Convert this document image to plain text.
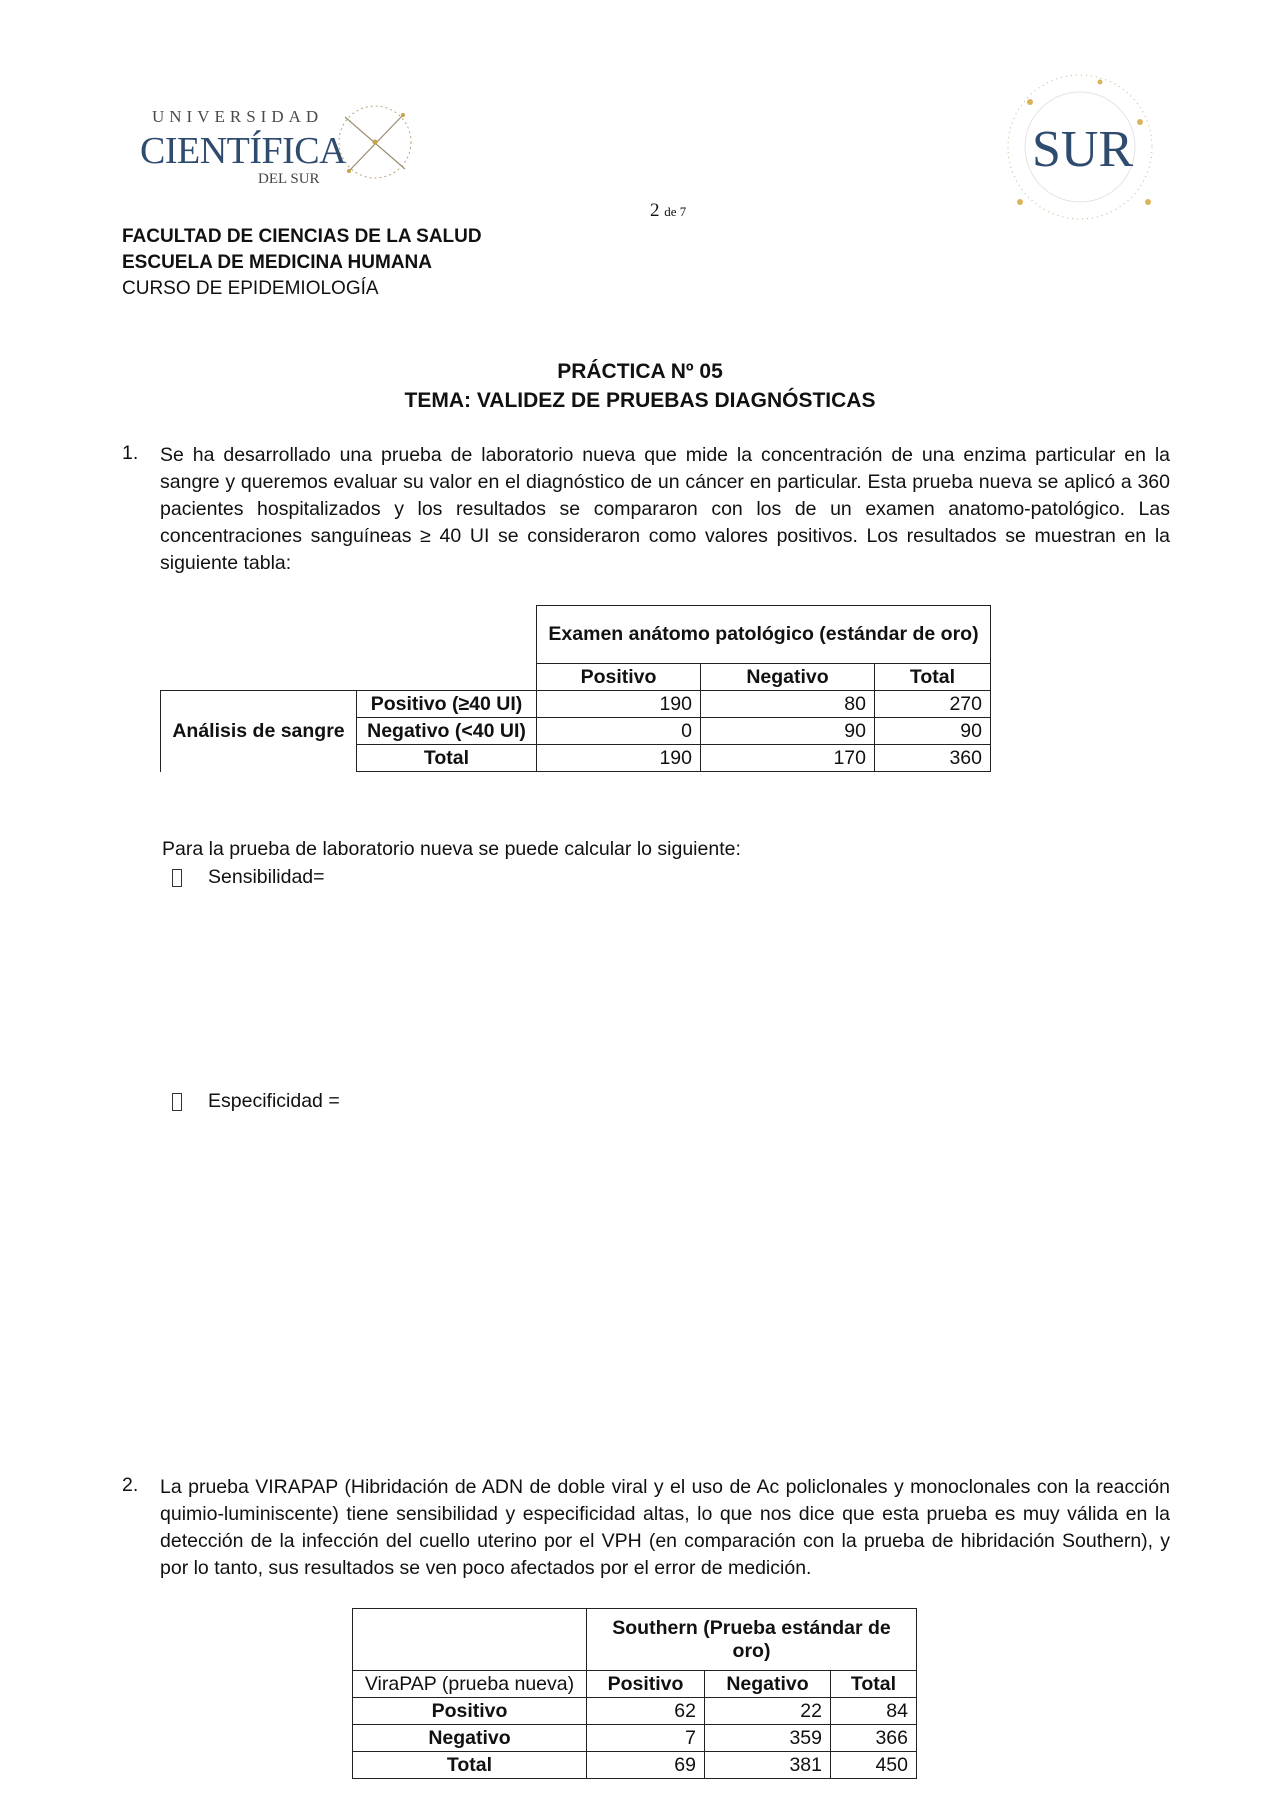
UNIVERSIDAD
CIENTÍFICA
DEL SUR
SUR
2 de 7
FACULTAD DE CIENCIAS DE LA SALUD
ESCUELA DE MEDICINA HUMANA
CURSO DE EPIDEMIOLOGÍA
PRÁCTICA Nº 05
TEMA: VALIDEZ DE PRUEBAS DIAGNÓSTICAS
1. Se ha desarrollado una prueba de laboratorio nueva que mide la concentración de una enzima particular en la sangre y queremos evaluar su valor en el diagnóstico de un cáncer en particular. Esta prueba nueva se aplicó a 360 pacientes hospitalizados y los resultados se compararon con los de un examen anatomo-patológico. Las concentraciones sanguíneas ≥ 40 UI se consideraron como valores positivos. Los resultados se muestran en la siguiente tabla:
		Examen anátomo patológico (estándar de oro)		
		Positivo	Negativo	Total
Análisis de sangre	Positivo (≥40 UI)	190	80	270
	Negativo (<40 UI)	0	90	90
	Total	190	170	360
Para la prueba de laboratorio nueva se puede calcular lo siguiente:
Sensibilidad=
Especificidad =
2. La prueba VIRAPAP (Hibridación de ADN de doble viral y el uso de Ac policlonales y monoclonales con la reacción quimio-luminiscente) tiene sensibilidad y especificidad altas, lo que nos dice que esta prueba es muy válida en la detección de la infección del cuello uterino por el VPH (en comparación con la prueba de hibridación Southern), y por lo tanto, sus resultados se ven poco afectados por el error de medición.
	Southern (Prueba estándar de oro)		
ViraPAP (prueba nueva)	Positivo	Negativo	Total
Positivo	62	22	84
Negativo	7	359	366
Total	69	381	450
